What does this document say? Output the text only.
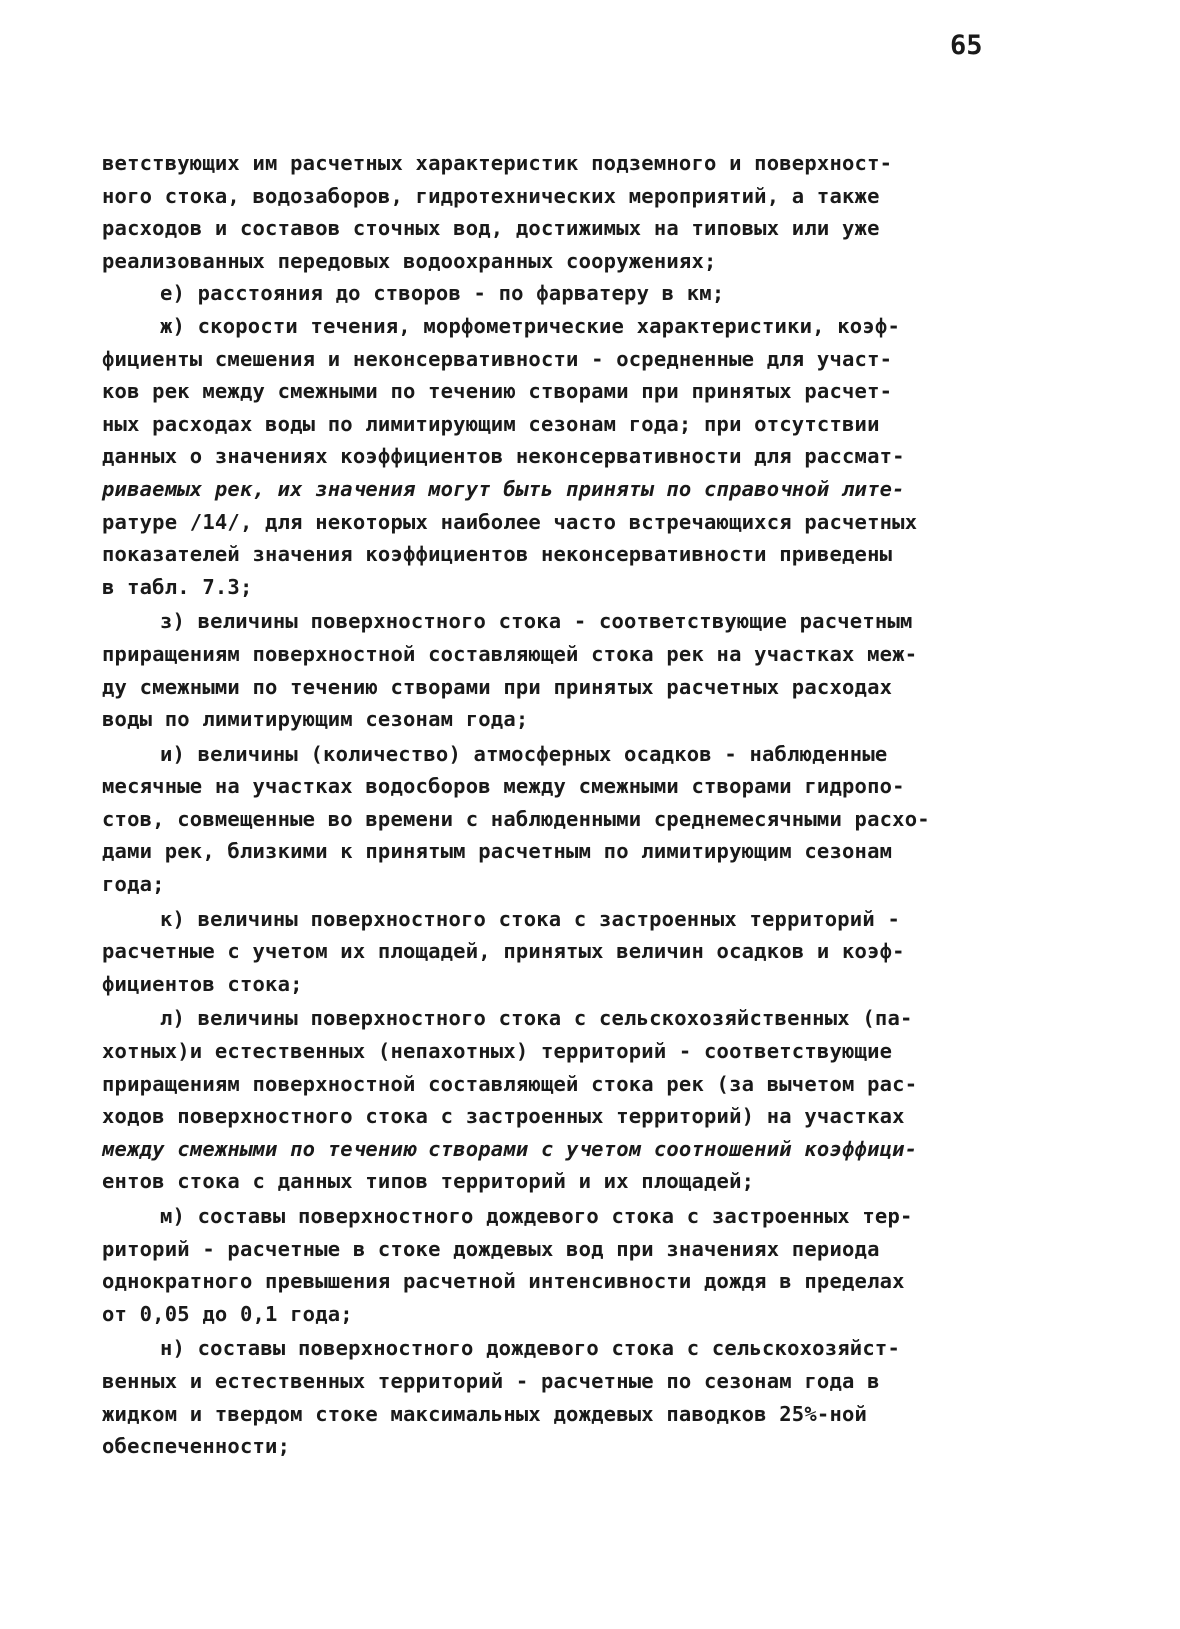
65
ветствующих им расчетных характеристик подземного и поверхност-
ного стока, водозаборов, гидротехнических мероприятий, а также
расходов и составов сточных вод, достижимых на типовых или уже
реализованных передовых водоохранных сооружениях;
е) расстояния до створов - по фарватеру в км;
ж) скорости течения, морфометрические характеристики, коэф-
фициенты смешения и неконсервативности - осредненные для участ-
ков рек между смежными по течению створами при принятых расчет-
ных расходах воды по лимитирующим сезонам года; при отсутствии
данных о значениях коэффициентов неконсервативности для рассмат-
риваемых рек, их значения могут быть приняты по справочной лите-
ратуре /14/, для некоторых наиболее часто встречающихся расчетных
показателей значения коэффициентов неконсервативности приведены
в табл. 7.3;
з) величины поверхностного стока - соответствующие расчетным
приращениям поверхностной составляющей стока рек на участках меж-
ду смежными по течению створами при принятых расчетных расходах
воды по лимитирующим сезонам года;
и) величины (количество) атмосферных осадков - наблюденные
месячные на участках водосборов между смежными створами гидропо-
стов, совмещенные во времени с наблюденными среднемесячными расхо-
дами рек, близкими к принятым расчетным по лимитирующим сезонам
года;
к) величины поверхностного стока с застроенных территорий -
расчетные с учетом их площадей, принятых величин осадков и коэф-
фициентов стока;
л) величины поверхностного стока с сельскохозяйственных (па-
хотных)и естественных (непахотных) территорий - соответствующие
приращениям поверхностной составляющей стока рек (за вычетом рас-
ходов поверхностного стока с застроенных территорий) на участках
между смежными по течению створами с учетом соотношений коэффици-
ентов стока с данных типов территорий и их площадей;
м) составы поверхностного дождевого стока с застроенных тер-
риторий - расчетные в стоке дождевых вод при значениях периода
однократного превышения расчетной интенсивности дождя в пределах
от 0,05 до 0,1 года;
н) составы поверхностного дождевого стока с сельскохозяйст-
венных и естественных территорий - расчетные по сезонам года в
жидком и твердом стоке максимальных дождевых паводков 25%-ной
обеспеченности;
